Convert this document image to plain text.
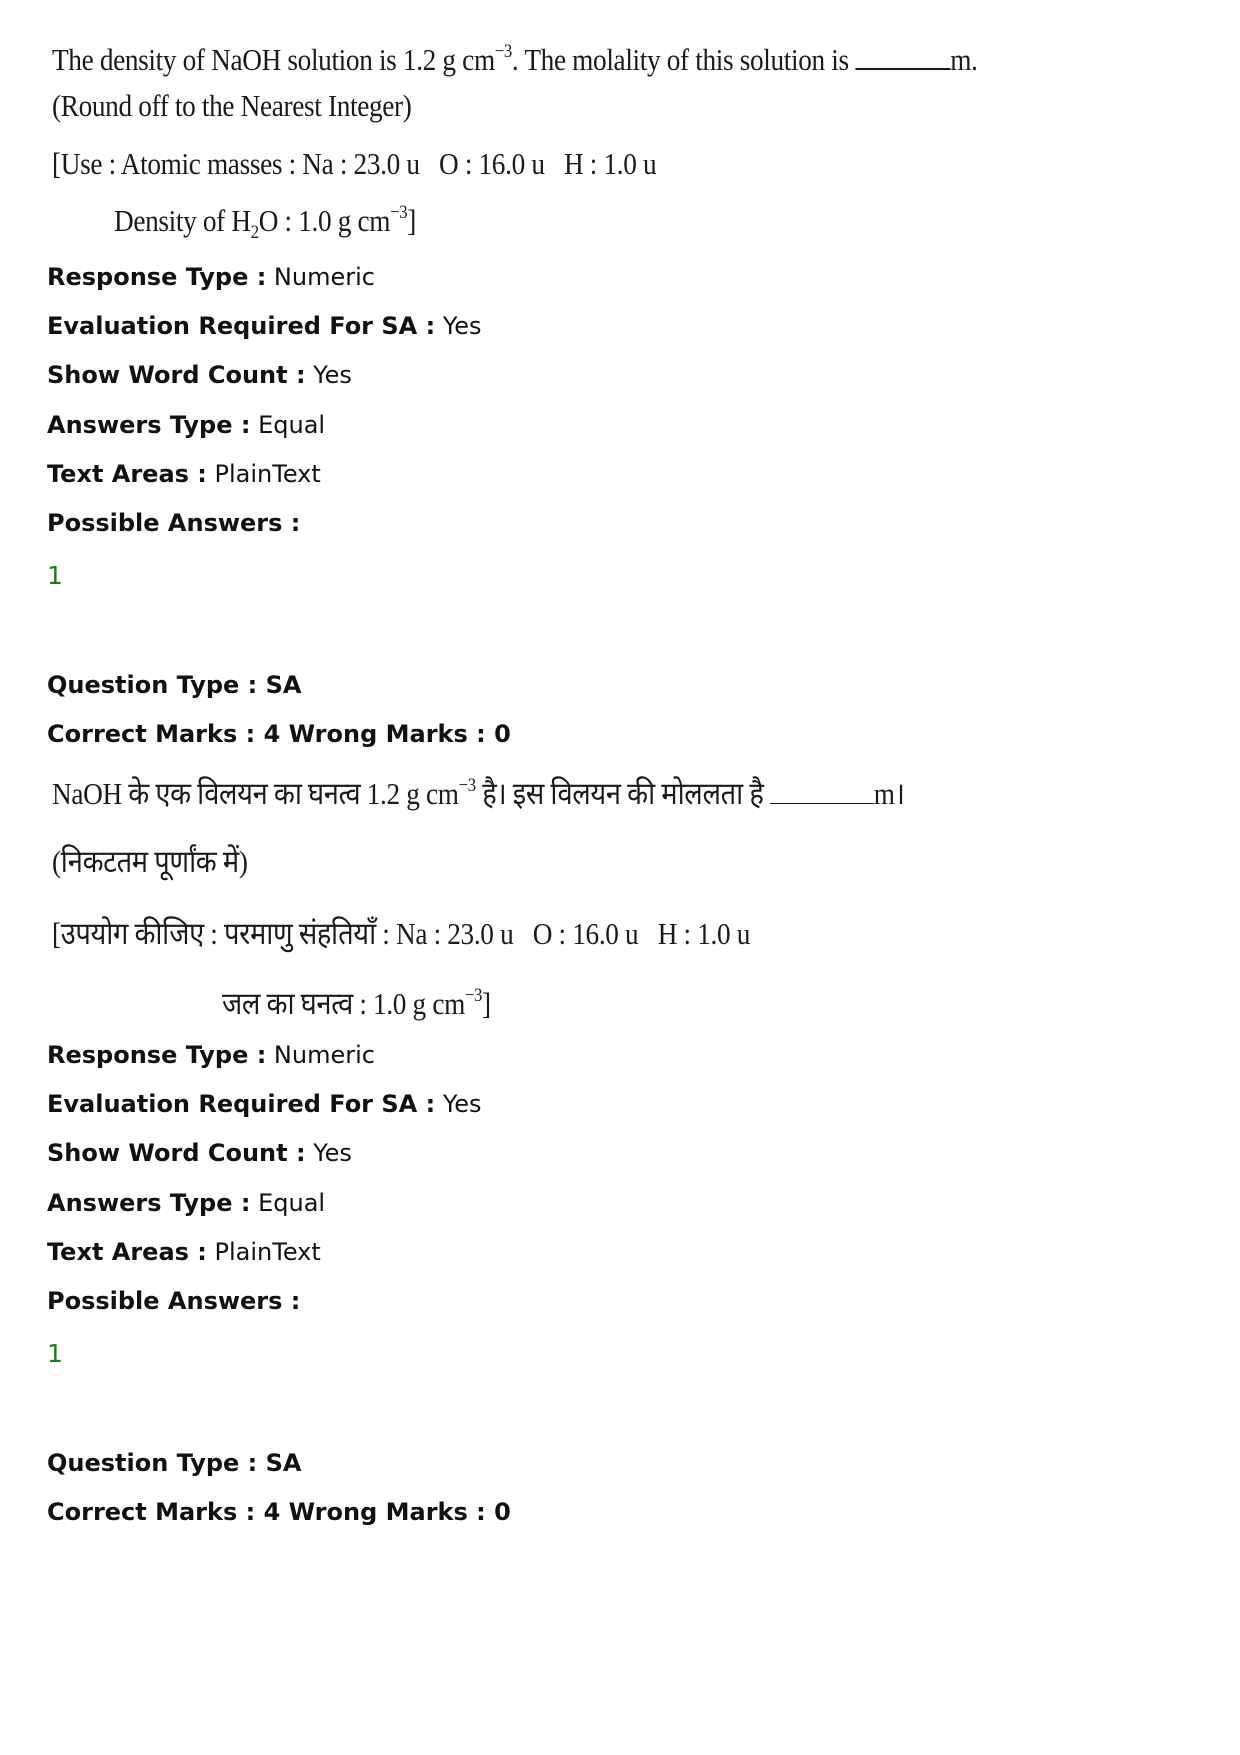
The density of NaOH solution is 1.2 g $cm^{-3}$. The molality of this solution is	m.
(Round off to the Nearest Integer)
[Use : Atomic masses : Na : 23.0 u O : 16.0 u H : 1.0 u
Density of $H_2O$ : 1.0 g $cm^{-3}$]
Response Type : Numeric
Evaluation Required For SA : Yes
Show Word Count : Yes
Answers Type : Equal
Text Areas : PlainText
Possible Answers :
1
Question Type : SA
Correct Marks : 4 Wrong Marks : 0
NaOH के एक विलयन का घनत्व 1.2 g $cm^{-3}$ है। इस विलयन की मोललता है	m।
(निकटतम पूर्णांक में)
[उपयोग कीजिए : परमाणु संहतियाँ : Na : 23.0 u O : 16.0 u H : 1.0 u
जल का घनत्व : 1.0 g $cm^{-3}$]
Response Type : Numeric
Evaluation Required For SA : Yes
Show Word Count : Yes
Answers Type : Equal
Text Areas : PlainText
Possible Answers :
1
Question Type : SA
Correct Marks : 4 Wrong Marks : 0
